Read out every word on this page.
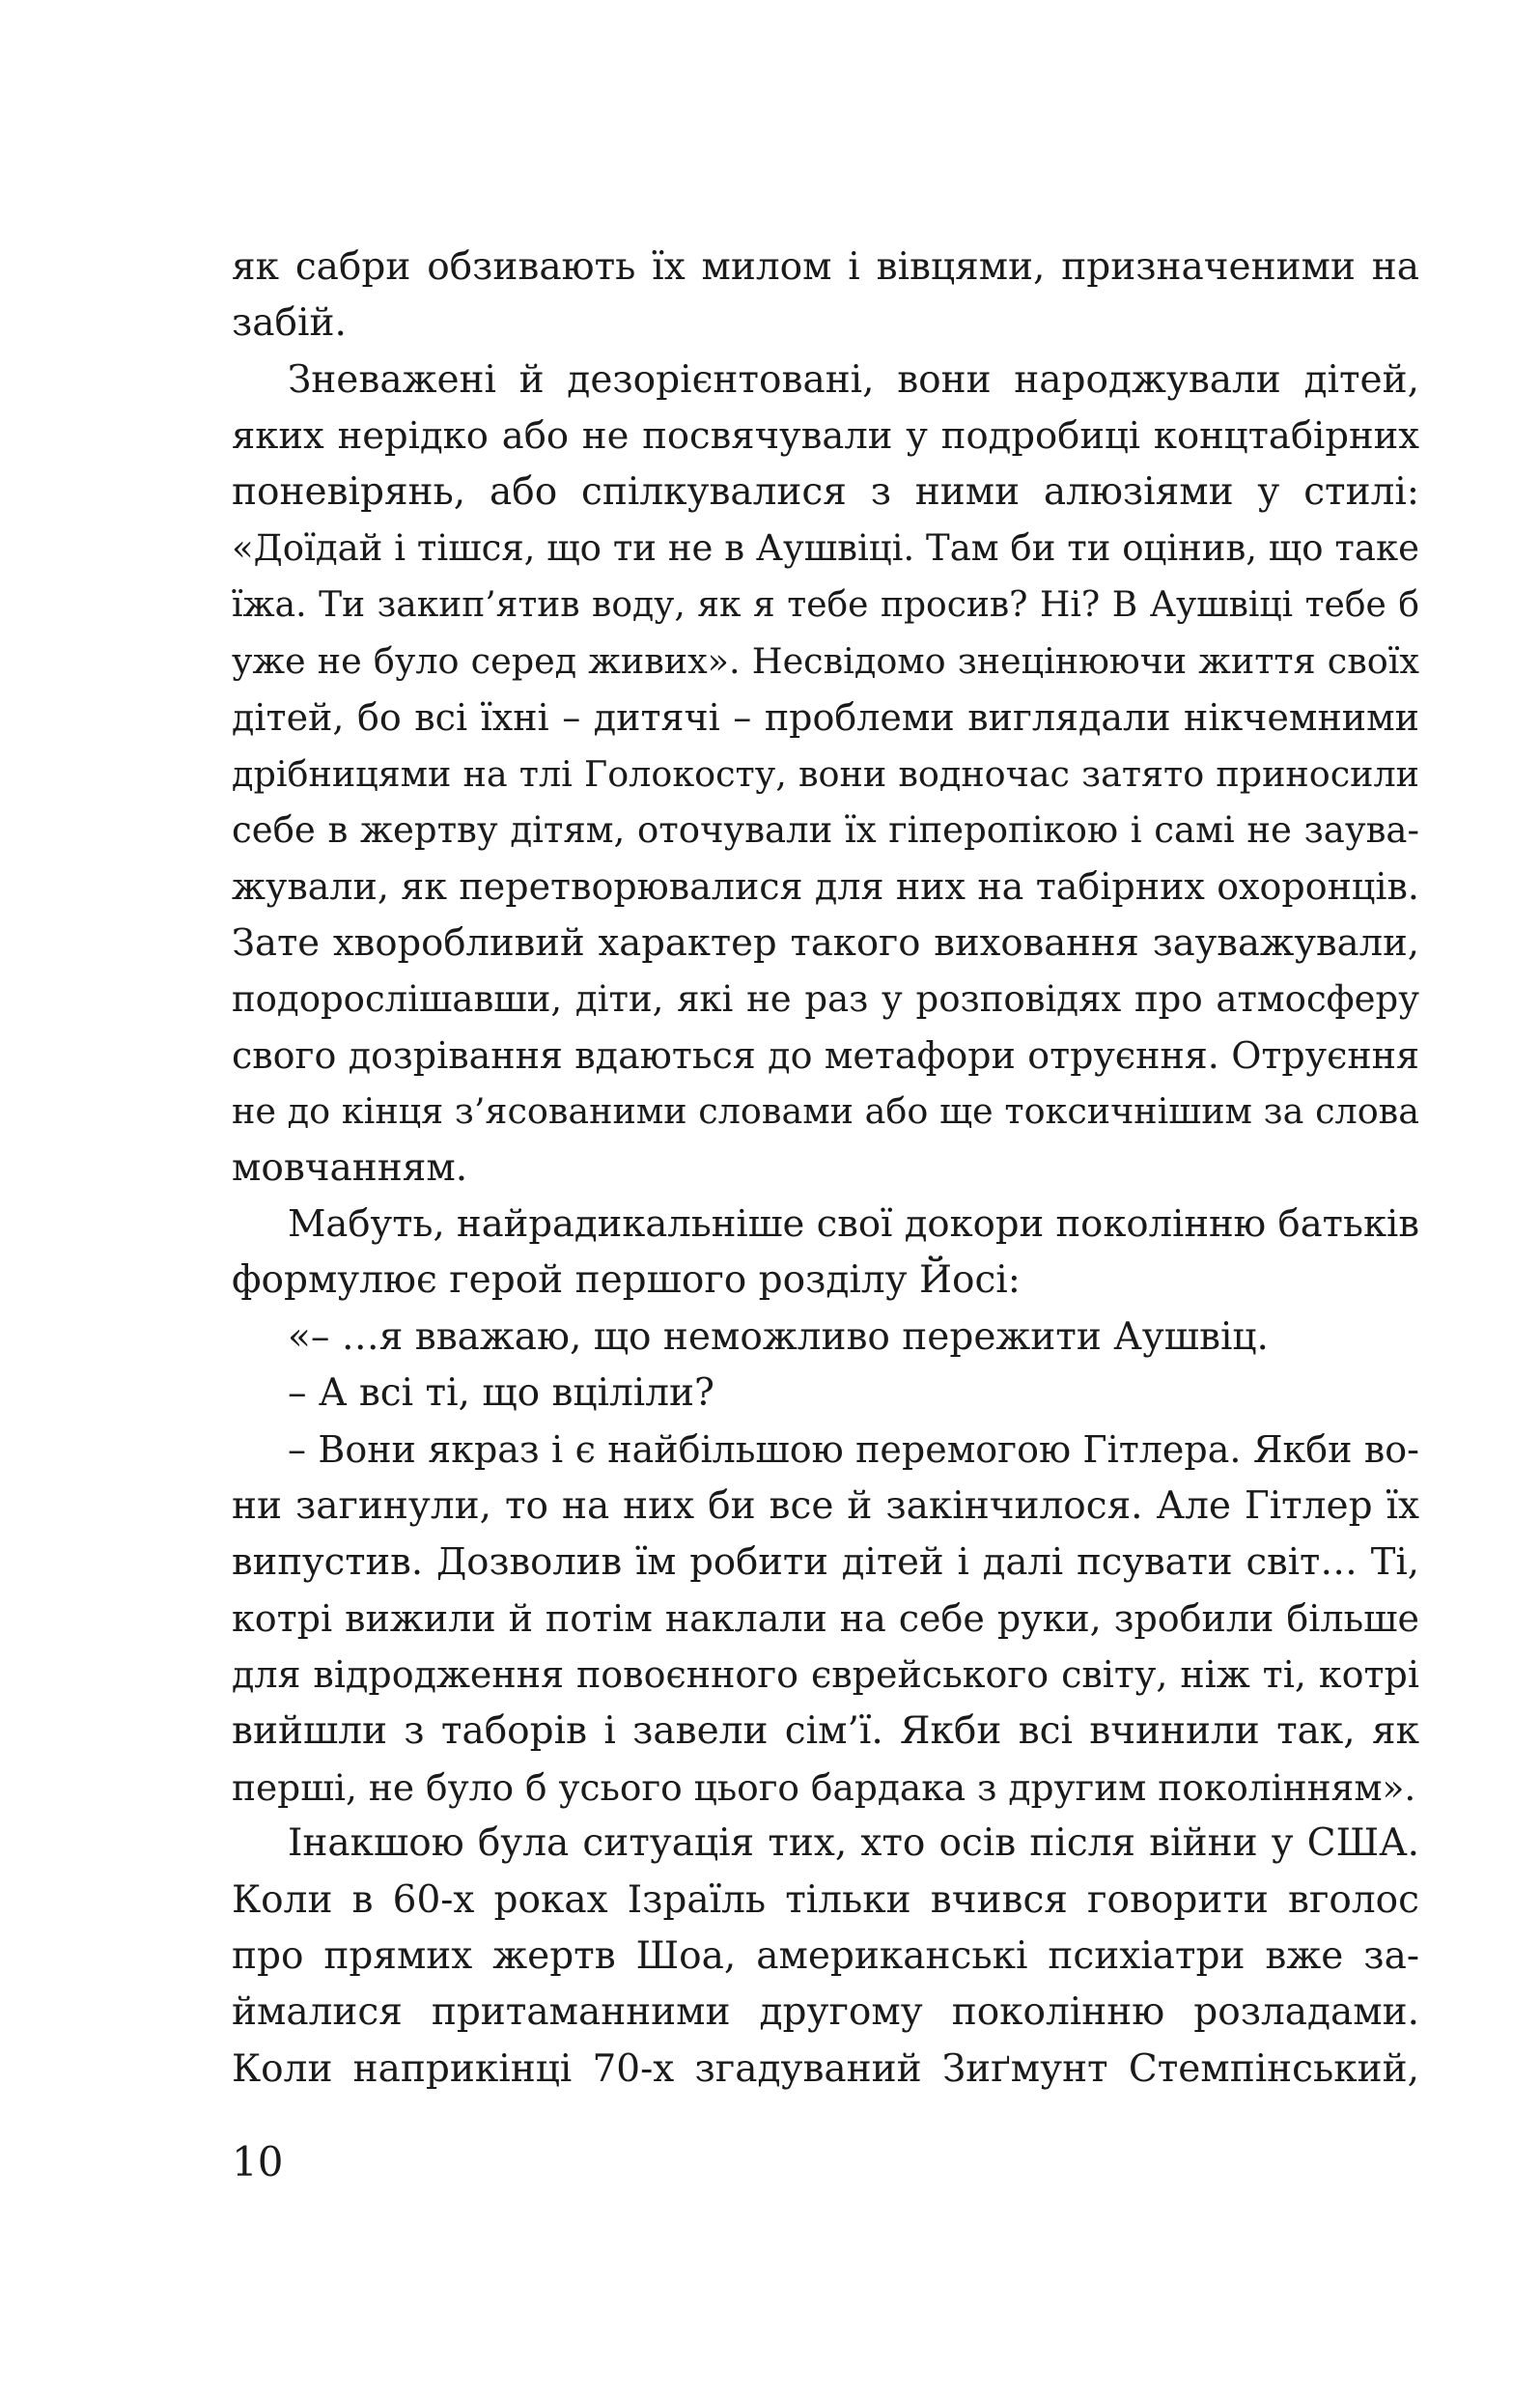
як сабри обзивають їх милом і вівцями, призначеними на
забій.
Зневажені й дезорієнтовані, вони народжували дітей,
яких нерідко або не посвячували у подробиці концтабірних
поневірянь, або спілкувалися з ними алюзіями у стилі:
«Доїдай і тішся, що ти не в Аушвіці. Там би ти оцінив, що таке
їжа. Ти закип’ятив воду, як я тебе просив? Ні? В Аушвіці тебе б
уже не було серед живих». Несвідомо знецінюючи життя своїх
дітей, бо всі їхні – дитячі – проблеми виглядали нікчемними
дрібницями на тлі Голокосту, вони водночас затято приносили
себе в жертву дітям, оточували їх гіперопікою і самі не заува-
жували, як перетворювалися для них на табірних охоронців.
Зате хворобливий характер такого виховання зауважували,
подорослішавши, діти, які не раз у розповідях про атмосферу
свого дозрівання вдаються до метафори отруєння. Отруєння
не до кінця з’ясованими словами або ще токсичнішим за слова
мовчанням.
Мабуть, найрадикальніше свої докори поколінню батьків
формулює герой першого розділу Йосі:
«– …я вважаю, що неможливо пережити Аушвіц.
– А всі ті, що вціліли?
– Вони якраз і є найбільшою перемогою Гітлера. Якби во-
ни загинули, то на них би все й закінчилося. Але Гітлер їх
випустив. Дозволив їм робити дітей і далі псувати світ… Ті,
котрі вижили й потім наклали на себе руки, зробили більше
для відродження повоєнного єврейського світу, ніж ті, котрі
вийшли з таборів і завели сім’ї. Якби всі вчинили так, як
перші, не було б усього цього бардака з другим поколінням».
Інакшою була ситуація тих, хто осів після війни у США.
Коли в 60-х роках Ізраїль тільки вчився говорити вголос
про прямих жертв Шоа, американські психіатри вже за-
ймалися притаманними другому поколінню розладами.
Коли наприкінці 70-х згадуваний Зиґмунт Стемпінський,
10
